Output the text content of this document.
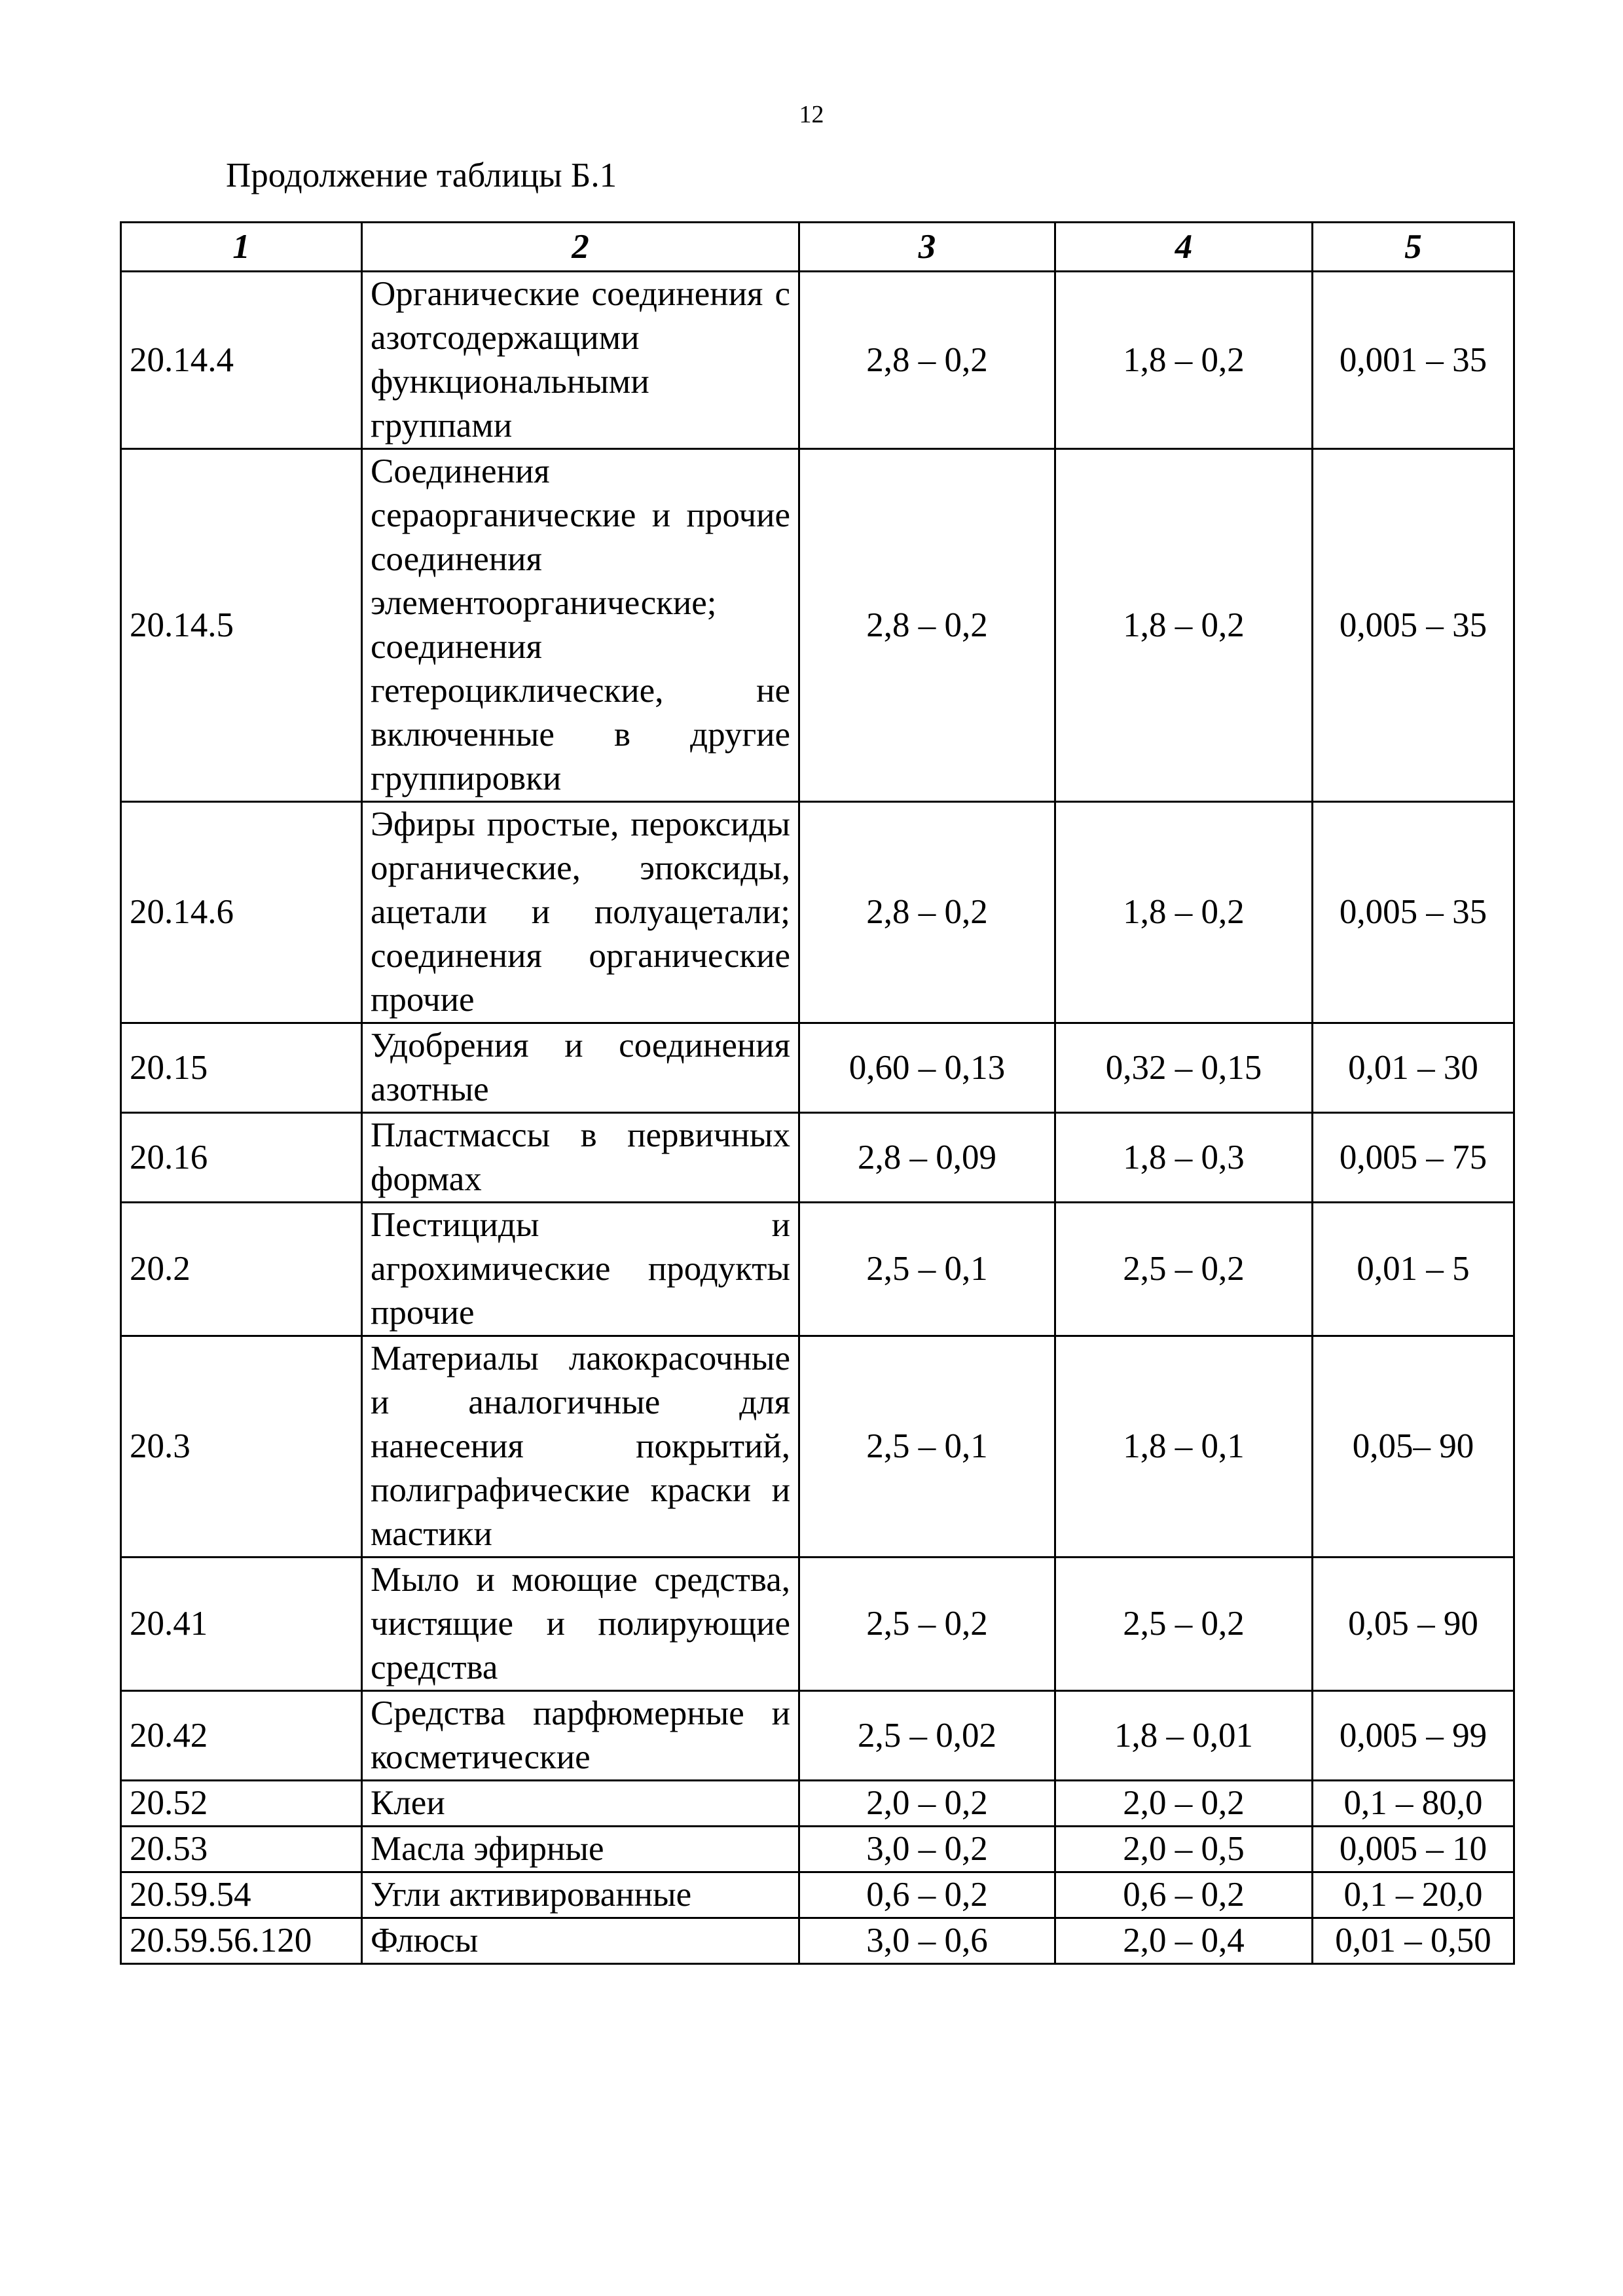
12
Продолжение таблицы Б.1
1	2	3	4	5
20.14.4	Органические соединения с азотсодержащими функциональными группами	2,8 – 0,2	1,8 – 0,2	0,001 – 35
20.14.5	Соединения сераорганические и прочие соединения элементоорганические; соединения гетероциклические, не включенные в другие группировки	2,8 – 0,2	1,8 – 0,2	0,005 – 35
20.14.6	Эфиры простые, пероксиды органические, эпоксиды, ацетали и полуацетали; соединения органические прочие	2,8 – 0,2	1,8 – 0,2	0,005 – 35
20.15	Удобрения и соединения азотные	0,60 – 0,13	0,32 – 0,15	0,01 – 30
20.16	Пластмассы в первичных формах	2,8 – 0,09	1,8 – 0,3	0,005 – 75
20.2	Пестициды и агрохимические продукты прочие	2,5 – 0,1	2,5 – 0,2	0,01 – 5
20.3	Материалы лакокрасочные и аналогичные для нанесения покрытий, полиграфические краски и мастики	2,5 – 0,1	1,8 – 0,1	0,05– 90
20.41	Мыло и моющие средства, чистящие и полирующие средства	2,5 – 0,2	2,5 – 0,2	0,05 – 90
20.42	Средства парфюмерные и косметические	2,5 – 0,02	1,8 – 0,01	0,005 – 99
20.52	Клеи	2,0 – 0,2	2,0 – 0,2	0,1 – 80,0
20.53	Масла эфирные	3,0 – 0,2	2,0 – 0,5	0,005 – 10
20.59.54	Угли активированные	0,6 – 0,2	0,6 – 0,2	0,1 – 20,0
20.59.56.120	Флюсы	3,0 – 0,6	2,0 – 0,4	0,01 – 0,50
